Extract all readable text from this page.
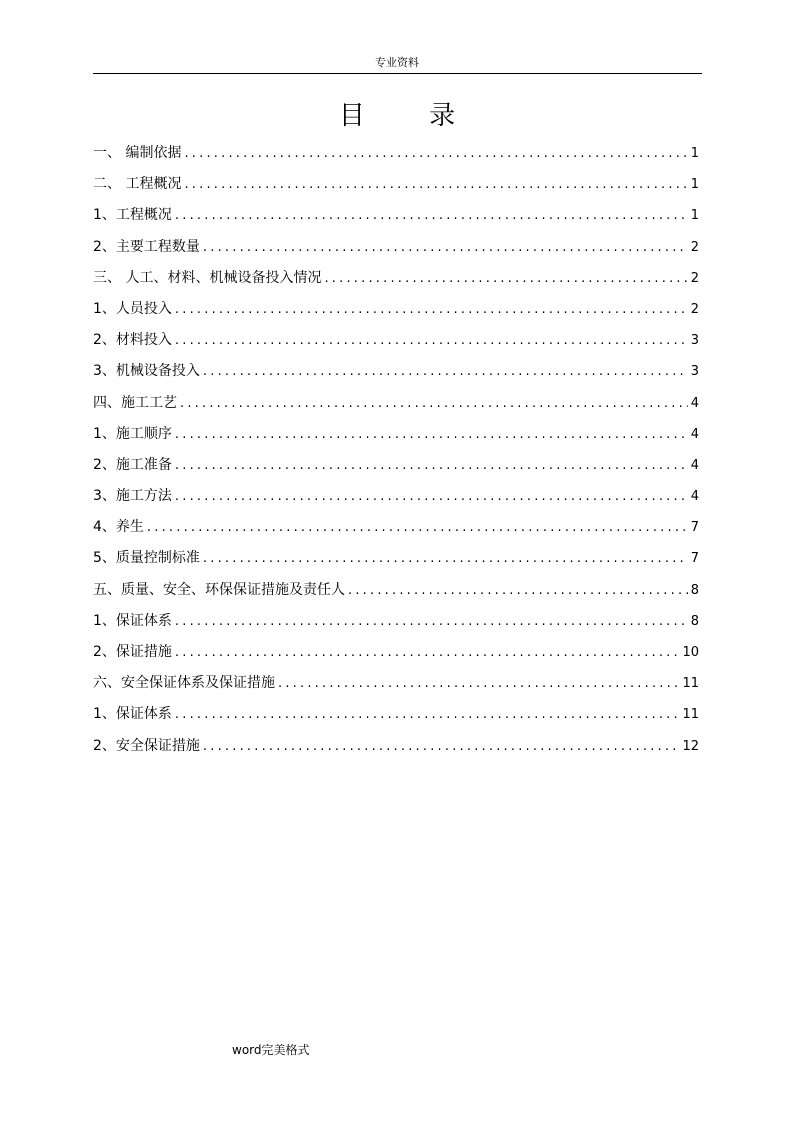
专业资料
目 录
一、 编制依据 .....	1
二、 工程概况 .....	1
1、工程概况 .....	1
2、主要工程数量 .....	2
三、 人工、材料、机械设备投入情况 .....	2
1、人员投入 .....	2
2、材料投入 .....	3
3、机械设备投入 .....	3
四、施工工艺 .....	4
1、施工顺序 .....	4
2、施工准备 .....	4
3、施工方法 .....	4
4、养生 .....	7
5、质量控制标准 .....	7
五、质量、安全、环保保证措施及责任人 .....	8
1、保证体系 .....	8
2、保证措施 .....	10
六、安全保证体系及保证措施 .....	11
1、保证体系 .....	11
2、安全保证措施 .....	12
word完美格式
